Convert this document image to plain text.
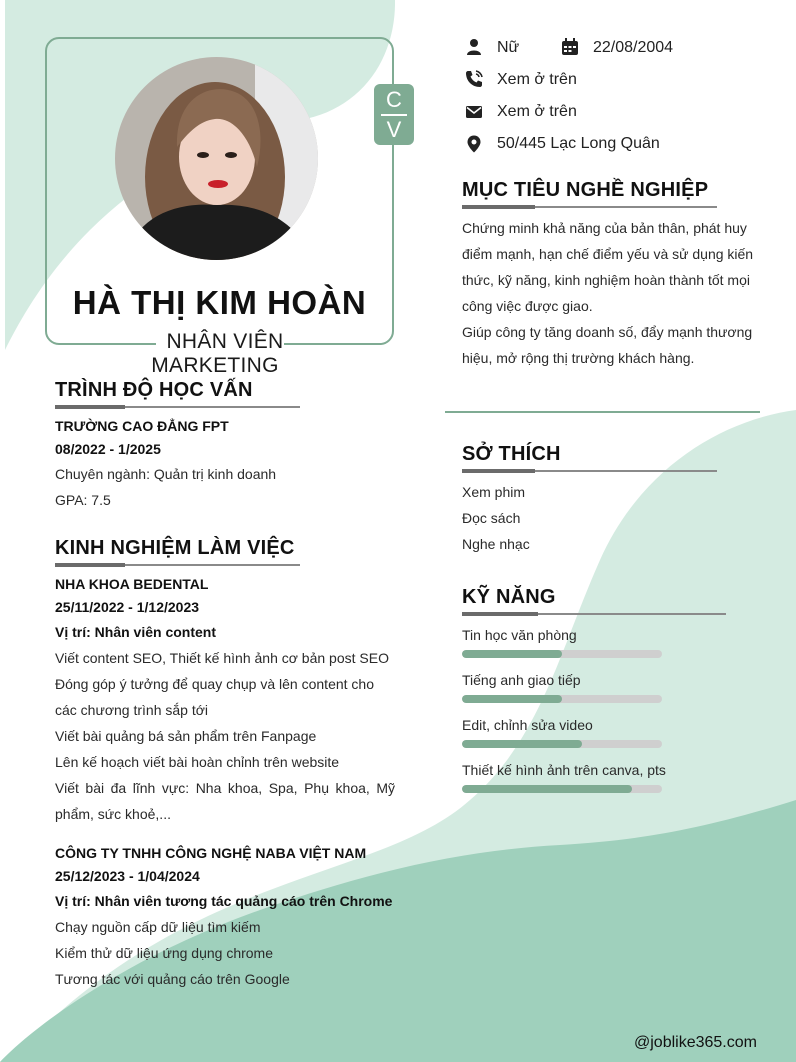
C
V
HÀ THỊ KIM HOÀN
NHÂN VIÊN MARKETING
Nữ	22/08/2004
Xem ở trên
Xem ở trên
50/445 Lạc Long Quân
MỤC TIÊU NGHỀ NGHIỆP
Chứng minh khả năng của bản thân, phát huy điểm mạnh, hạn chế điểm yếu và sử dụng kiến thức, kỹ năng, kinh nghiệm hoàn thành tốt mọi công việc được giao.
Giúp công ty tăng doanh số, đẩy mạnh thương hiệu, mở rộng thị trường khách hàng.
SỞ THÍCH
Xem phim
Đọc sách
Nghe nhạc
KỸ NĂNG
Tin học văn phòng
Tiếng anh giao tiếp
Edit, chỉnh sửa video
Thiết kế hình ảnh trên canva, pts
TRÌNH ĐỘ HỌC VẤN
TRƯỜNG CAO ĐẲNG FPT
08/2022 - 1/2025
Chuyên ngành: Quản trị kinh doanh
GPA: 7.5
KINH NGHIỆM LÀM VIỆC
NHA KHOA BEDENTAL
25/11/2022 - 1/12/2023
Vị trí: Nhân viên content
Viết content SEO, Thiết kế hình ảnh cơ bản post SEO
Đóng góp ý tưởng để quay chụp và lên content cho các chương trình sắp tới
Viết bài quảng bá sản phẩm trên Fanpage
Lên kế hoạch viết bài hoàn chỉnh trên website
Viết bài đa lĩnh vực: Nha khoa, Spa, Phụ khoa, Mỹ phẩm, sức khoẻ,...
CÔNG TY TNHH CÔNG NGHỆ NABA VIỆT NAM
25/12/2023 - 1/04/2024
Vị trí: Nhân viên tương tác quảng cáo trên Chrome
Chạy nguồn cấp dữ liệu tìm kiếm
Kiểm thử dữ liệu ứng dụng chrome
Tương tác với quảng cáo trên Google
@joblike365.com
